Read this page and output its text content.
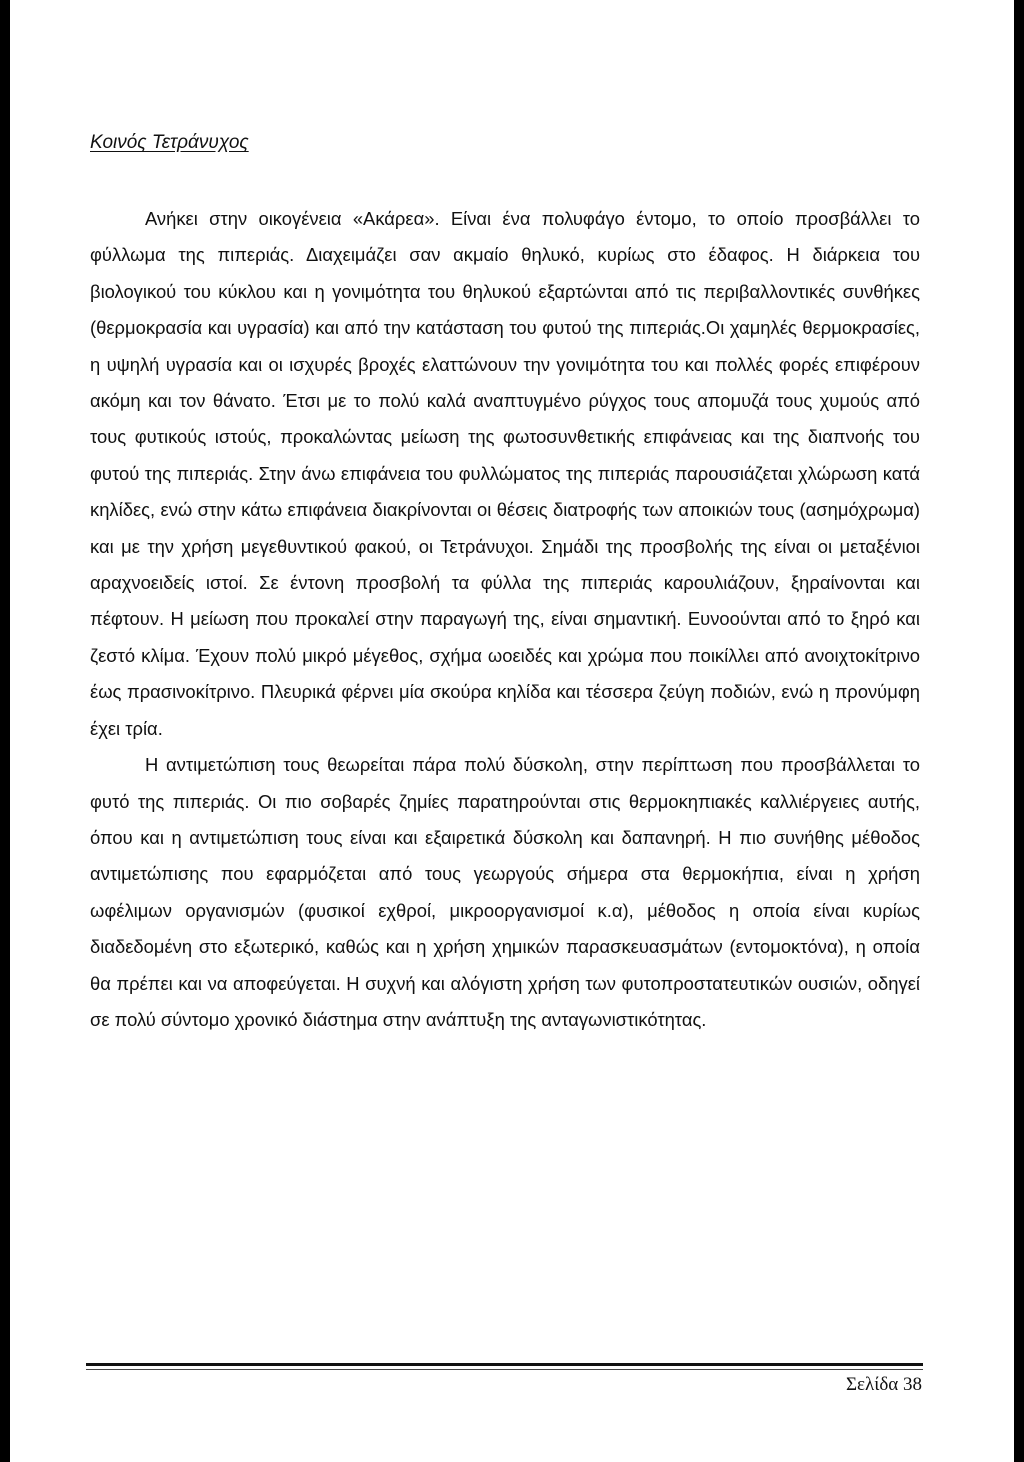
Κοινός Τετράνυχος

Ανήκει στην οικογένεια «Ακάρεα». Είναι ένα πολυφάγο έντομο, το οποίο προσβάλλει το φύλλωμα της πιπεριάς. Διαχειμάζει σαν ακμαίο θηλυκό, κυρίως στο έδαφος. Η διάρκεια του βιολογικού του κύκλου και η γονιμότητα του θηλυκού εξαρτώνται από τις περιβαλλοντικές συνθήκες (θερμοκρασία και υγρασία) και από την κατάσταση του φυτού της πιπεριάς.Οι χαμηλές θερμοκρασίες, η υψηλή υγρασία και οι ισχυρές βροχές ελαττώνουν την γονιμότητα του και πολλές φορές επιφέρουν ακόμη και τον θάνατο. Έτσι με το πολύ καλά αναπτυγμένο ρύγχος τους απομυζά τους χυμούς από τους φυτικούς ιστούς, προκαλώντας μείωση της φωτοσυνθετικής επιφάνειας και της διαπνοής του φυτού της πιπεριάς. Στην άνω επιφάνεια του φυλλώματος της πιπεριάς παρουσιάζεται χλώρωση κατά κηλίδες, ενώ στην κάτω επιφάνεια διακρίνονται οι θέσεις διατροφής των αποικιών τους (ασημόχρωμα) και με την χρήση μεγεθυντικού φακού, οι Τετράνυχοι. Σημάδι της προσβολής της είναι οι μεταξένιοι αραχνοειδείς ιστοί. Σε έντονη προσβολή τα φύλλα της πιπεριάς καρουλιάζουν, ξηραίνονται και πέφτουν. Η μείωση που προκαλεί στην παραγωγή της, είναι σημαντική. Ευνοούνται από το ξηρό και ζεστό κλίμα. Έχουν πολύ μικρό μέγεθος, σχήμα ωοειδές και χρώμα που ποικίλλει από ανοιχτοκίτρινο έως πρασινοκίτρινο. Πλευρικά φέρνει μία σκούρα κηλίδα και τέσσερα ζεύγη ποδιών, ενώ η προνύμφη έχει τρία.

Η αντιμετώπιση τους θεωρείται πάρα πολύ δύσκολη, στην περίπτωση που προσβάλλεται το φυτό της πιπεριάς. Οι πιο σοβαρές ζημίες παρατηρούνται στις θερμοκηπιακές καλλιέργειες αυτής, όπου και η αντιμετώπιση τους είναι και εξαιρετικά δύσκολη και δαπανηρή. Η πιο συνήθης μέθοδος αντιμετώπισης που εφαρμόζεται από τους γεωργούς σήμερα στα θερμοκήπια, είναι η χρήση ωφέλιμων οργανισμών (φυσικοί εχθροί, μικροοργανισμοί κ.α), μέθοδος η οποία είναι κυρίως διαδεδομένη στο εξωτερικό, καθώς και η χρήση χημικών παρασκευασμάτων (εντομοκτόνα), η οποία θα πρέπει και να αποφεύγεται. Η συχνή και αλόγιστη χρήση των φυτοπροστατευτικών ουσιών, οδηγεί σε πολύ σύντομο χρονικό διάστημα στην ανάπτυξη της ανταγωνιστικότητας.

Σελίδα 38
